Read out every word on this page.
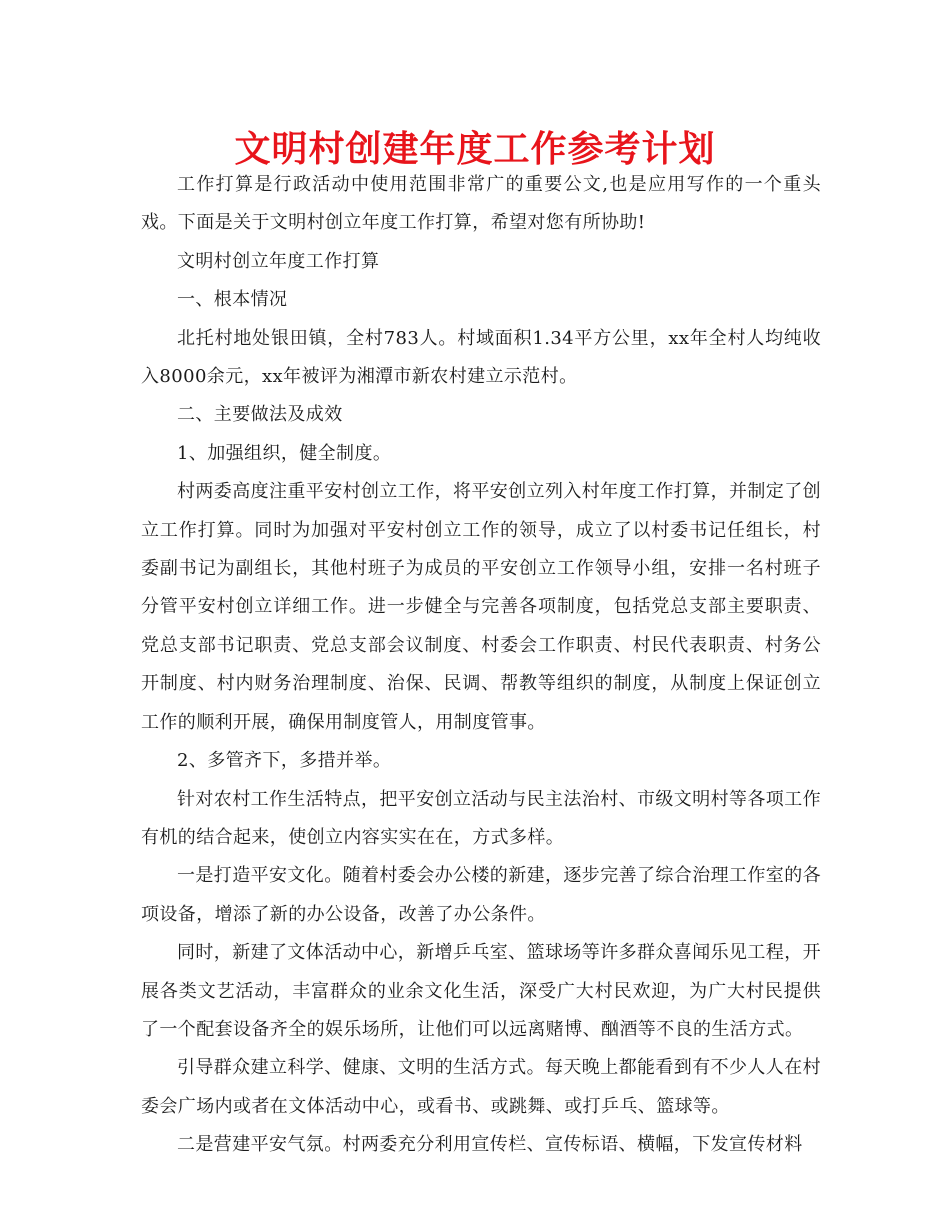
文明村创建年度工作参考计划

工作打算是行政活动中使用范围非常广的重要公文,也是应用写作的一个重头戏。下面是关于文明村创立年度工作打算，希望对您有所协助!

文明村创立年度工作打算

一、根本情况

北托村地处银田镇，全村783人。村域面积1.34平方公里，xx年全村人均纯收入8000余元，xx年被评为湘潭市新农村建立示范村。

二、主要做法及成效

1、加强组织，健全制度。

村两委高度注重平安村创立工作，将平安创立列入村年度工作打算，并制定了创立工作打算。同时为加强对平安村创立工作的领导，成立了以村委书记任组长，村委副书记为副组长，其他村班子为成员的平安创立工作领导小组，安排一名村班子分管平安村创立详细工作。进一步健全与完善各项制度，包括党总支部主要职责、党总支部书记职责、党总支部会议制度、村委会工作职责、村民代表职责、村务公开制度、村内财务治理制度、治保、民调、帮教等组织的制度，从制度上保证创立工作的顺利开展，确保用制度管人，用制度管事。

2、多管齐下，多措并举。

针对农村工作生活特点，把平安创立活动与民主法治村、市级文明村等各项工作有机的结合起来，使创立内容实实在在，方式多样。

一是打造平安文化。随着村委会办公楼的新建，逐步完善了综合治理工作室的各项设备，增添了新的办公设备，改善了办公条件。

同时，新建了文体活动中心，新增乒乓室、篮球场等许多群众喜闻乐见工程，开展各类文艺活动，丰富群众的业余文化生活，深受广大村民欢迎，为广大村民提供了一个配套设备齐全的娱乐场所，让他们可以远离赌博、酗酒等不良的生活方式。

引导群众建立科学、健康、文明的生活方式。每天晚上都能看到有不少人人在村委会广场内或者在文体活动中心，或看书、或跳舞、或打乒乓、篮球等。

二是营建平安气氛。村两委充分利用宣传栏、宣传标语、横幅，下发宣传材料
